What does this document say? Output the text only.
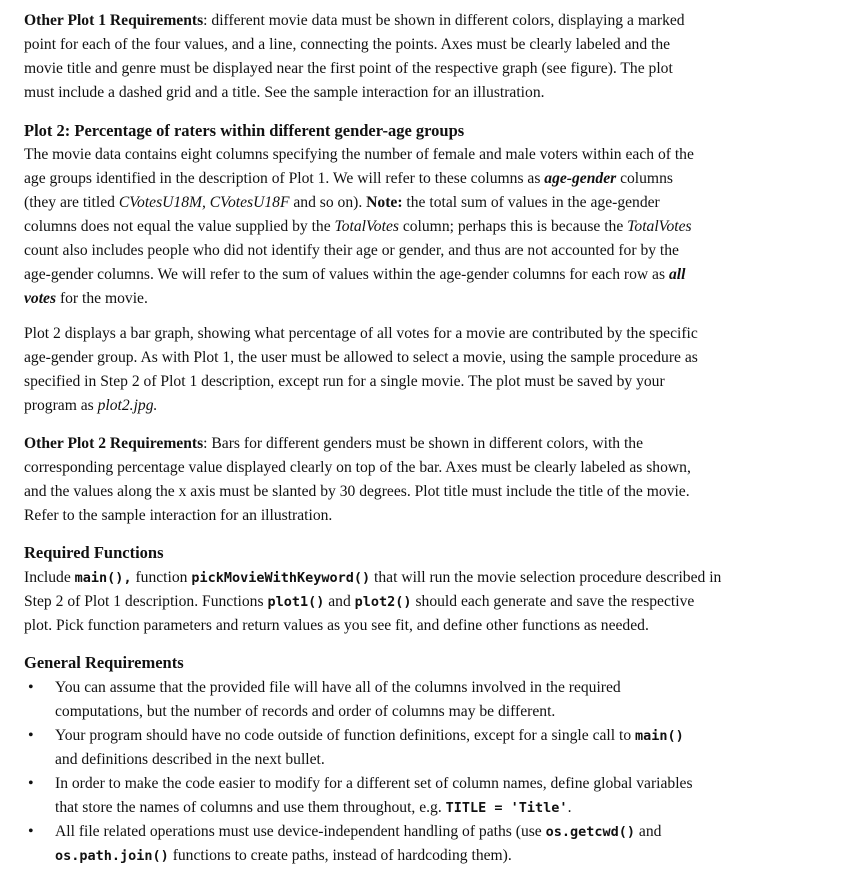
Other Plot 1 Requirements: different movie data must be shown in different colors, displaying a marked
point for each of the four values, and a line, connecting the points. Axes must be clearly labeled and the
movie title and genre must be displayed near the first point of the respective graph (see figure). The plot
must include a dashed grid and a title. See the sample interaction for an illustration.
Plot 2: Percentage of raters within different gender-age groups
The movie data contains eight columns specifying the number of female and male voters within each of the
age groups identified in the description of Plot 1. We will refer to these columns as age-gender columns
(they are titled CVotesU18M, CVotesU18F and so on). Note: the total sum of values in the age-gender
columns does not equal the value supplied by the TotalVotes column; perhaps this is because the TotalVotes
count also includes people who did not identify their age or gender, and thus are not accounted for by the
age-gender columns. We will refer to the sum of values within the age-gender columns for each row as all
votes for the movie.
Plot 2 displays a bar graph, showing what percentage of all votes for a movie are contributed by the specific
age-gender group. As with Plot 1, the user must be allowed to select a movie, using the sample procedure as
specified in Step 2 of Plot 1 description, except run for a single movie. The plot must be saved by your
program as plot2.jpg.
Other Plot 2 Requirements: Bars for different genders must be shown in different colors, with the
corresponding percentage value displayed clearly on top of the bar. Axes must be clearly labeled as shown,
and the values along the x axis must be slanted by 30 degrees. Plot title must include the title of the movie.
Refer to the sample interaction for an illustration.
Required Functions
Include main(), function pickMovieWithKeyword() that will run the movie selection procedure described in
Step 2 of Plot 1 description. Functions plot1() and plot2() should each generate and save the respective
plot. Pick function parameters and return values as you see fit, and define other functions as needed.
General Requirements
• You can assume that the provided file will have all of the columns involved in the required
computations, but the number of records and order of columns may be different.
• Your program should have no code outside of function definitions, except for a single call to main()
and definitions described in the next bullet.
• In order to make the code easier to modify for a different set of column names, define global variables
that store the names of columns and use them throughout, e.g. TITLE = 'Title'.
• All file related operations must use device-independent handling of paths (use os.getcwd() and
os.path.join() functions to create paths, instead of hardcoding them).
